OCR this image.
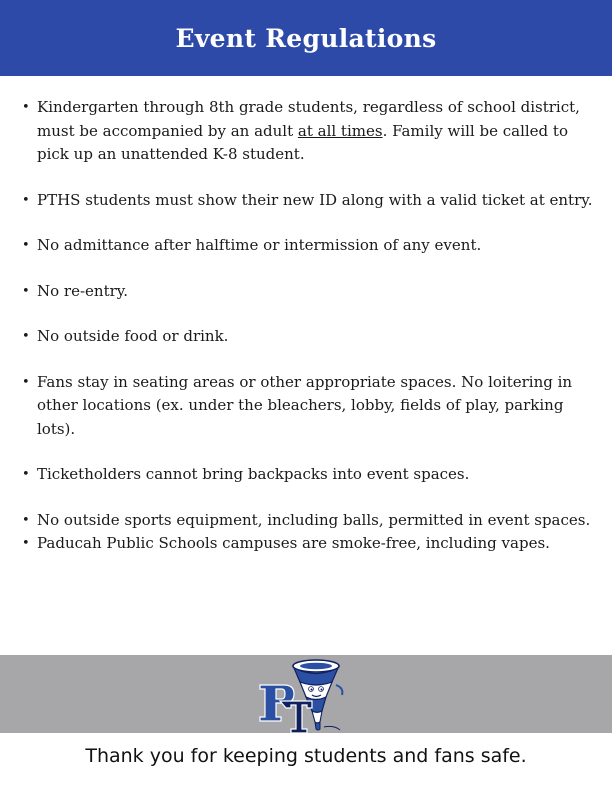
Event Regulations
• Kindergarten through 8th grade students, regardless of school district, must be accompanied by an adult at all times. Family will be called to pick up an unattended K-8 student.
• PTHS students must show their new ID along with a valid ticket at entry.
• No admittance after halftime or intermission of any event.
• No re-entry.
• No outside food or drink.
• Fans stay in seating areas or other appropriate spaces. No loitering in other locations (ex. under the bleachers, lobby, fields of play, parking lots).
• Ticketholders cannot bring backpacks into event spaces.
• No outside sports equipment, including balls, permitted in event spaces.
• Paducah Public Schools campuses are smoke-free, including vapes.
Thank you for keeping students and fans safe.
